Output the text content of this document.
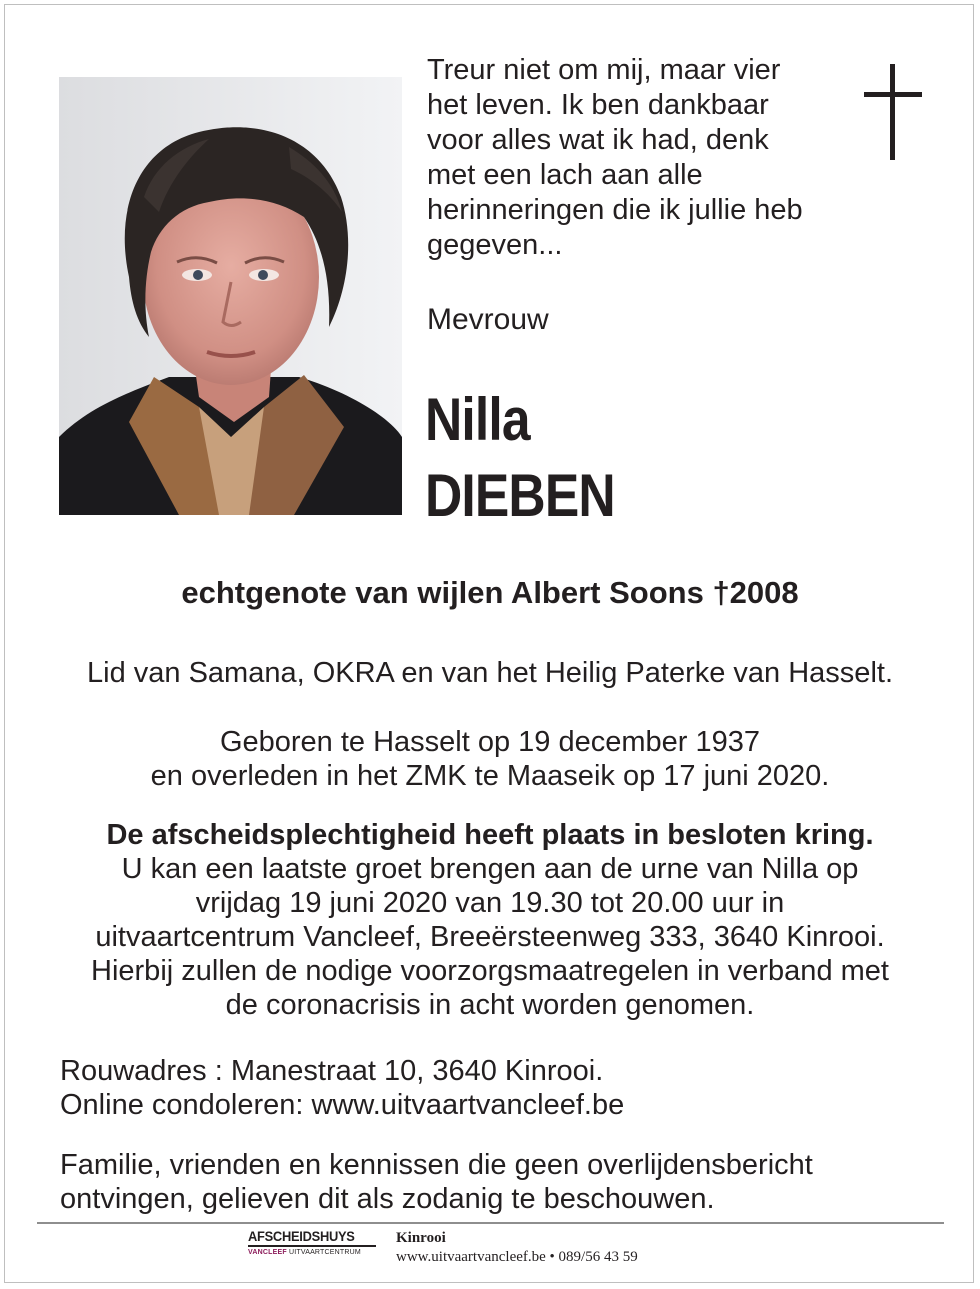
Treur niet om mij, maar vier
het leven. Ik ben dankbaar
voor alles wat ik had, denk
met een lach aan alle
herinneringen die ik jullie heb
gegeven...
Mevrouw
Nilla
DIEBEN
echtgenote van wijlen Albert Soons †2008
Lid van Samana, OKRA en van het Heilig Paterke van Hasselt.
Geboren te Hasselt op 19 december 1937
en overleden in het ZMK te Maaseik op 17 juni 2020.
De afscheidsplechtigheid heeft plaats in besloten kring.
U kan een laatste groet brengen aan de urne van Nilla op
vrijdag 19 juni 2020 van 19.30 tot 20.00 uur in
uitvaartcentrum Vancleef, Breeërsteenweg 333, 3640 Kinrooi.
Hierbij zullen de nodige voorzorgsmaatregelen in verband met
de coronacrisis in acht worden genomen.
Rouwadres : Manestraat 10, 3640 Kinrooi.
Online condoleren: www.uitvaartvancleef.be
Familie, vrienden en kennissen die geen overlijdensbericht
ontvingen, gelieven dit als zodanig te beschouwen.
AFSCHEIDSHUYS
VANCLEEF UITVAARTCENTRUM
Kinrooi
www.uitvaartvancleef.be • 089/56 43 59
